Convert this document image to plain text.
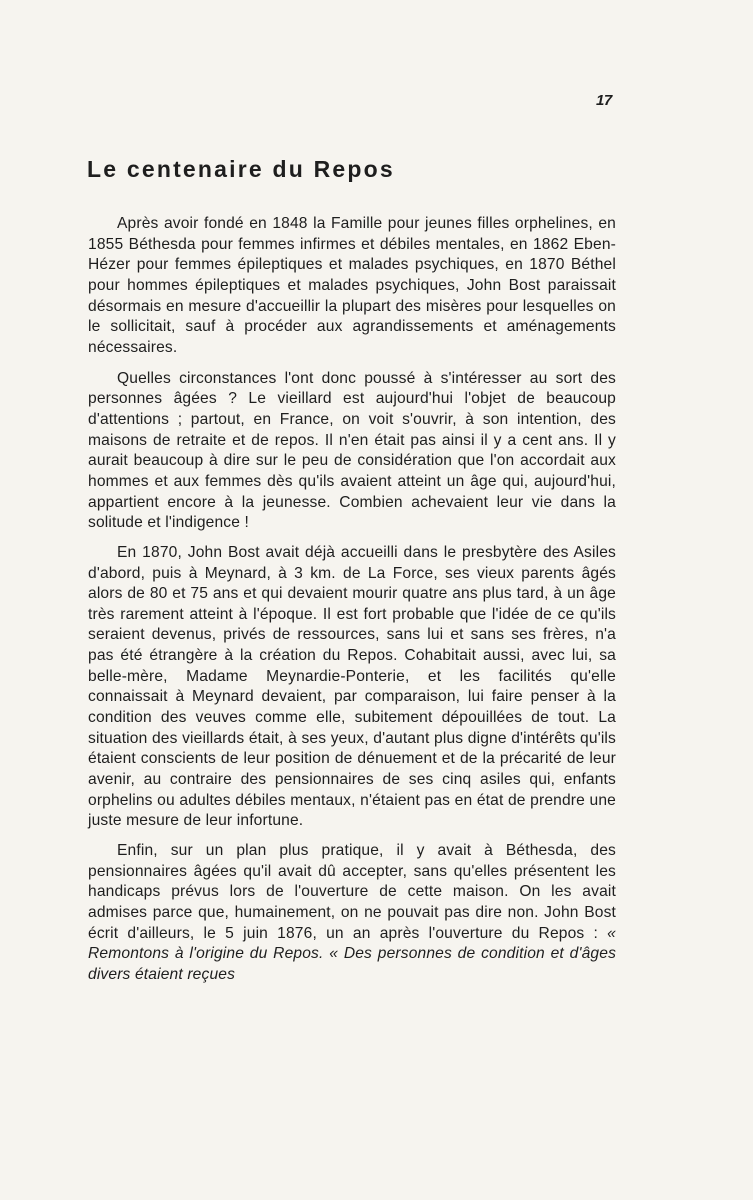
17
Le centenaire du Repos

Après avoir fondé en 1848 la Famille pour jeunes filles orphelines, en 1855 Béthesda pour femmes infirmes et débiles mentales, en 1862 Eben-Hézer pour femmes épileptiques et malades psychiques, en 1870 Béthel pour hommes épileptiques et malades psychiques, John Bost paraissait désormais en mesure d'accueillir la plupart des misères pour lesquelles on le sollicitait, sauf à procéder aux agrandissements et aménagements nécessaires.

Quelles circonstances l'ont donc poussé à s'intéresser au sort des personnes âgées ? Le vieillard est aujourd'hui l'objet de beaucoup d'attentions ; partout, en France, on voit s'ouvrir, à son intention, des maisons de retraite et de repos. Il n'en était pas ainsi il y a cent ans. Il y aurait beaucoup à dire sur le peu de considération que l'on accordait aux hommes et aux femmes dès qu'ils avaient atteint un âge qui, aujourd'hui, appartient encore à la jeunesse. Combien achevaient leur vie dans la solitude et l'indigence !

En 1870, John Bost avait déjà accueilli dans le presbytère des Asiles d'abord, puis à Meynard, à 3 km. de La Force, ses vieux parents âgés alors de 80 et 75 ans et qui devaient mourir quatre ans plus tard, à un âge très rarement atteint à l'époque. Il est fort probable que l'idée de ce qu'ils seraient devenus, privés de ressources, sans lui et sans ses frères, n'a pas été étrangère à la création du Repos. Cohabitait aussi, avec lui, sa belle-mère, Madame Meynardie-Ponterie, et les facilités qu'elle connaissait à Meynard devaient, par comparaison, lui faire penser à la condition des veuves comme elle, subitement dépouillées de tout. La situation des vieillards était, à ses yeux, d'autant plus digne d'intérêts qu'ils étaient conscients de leur position de dénuement et de la précarité de leur avenir, au contraire des pensionnaires de ses cinq asiles qui, enfants orphelins ou adultes débiles mentaux, n'étaient pas en état de prendre une juste mesure de leur infortune.

Enfin, sur un plan plus pratique, il y avait à Béthesda, des pensionnaires âgées qu'il avait dû accepter, sans qu'elles présentent les handicaps prévus lors de l'ouverture de cette maison. On les avait admises parce que, humainement, on ne pouvait pas dire non. John Bost écrit d'ailleurs, le 5 juin 1876, un an après l'ouverture du Repos : « Remontons à l'origine du Repos. « Des personnes de condition et d'âges divers étaient reçues
